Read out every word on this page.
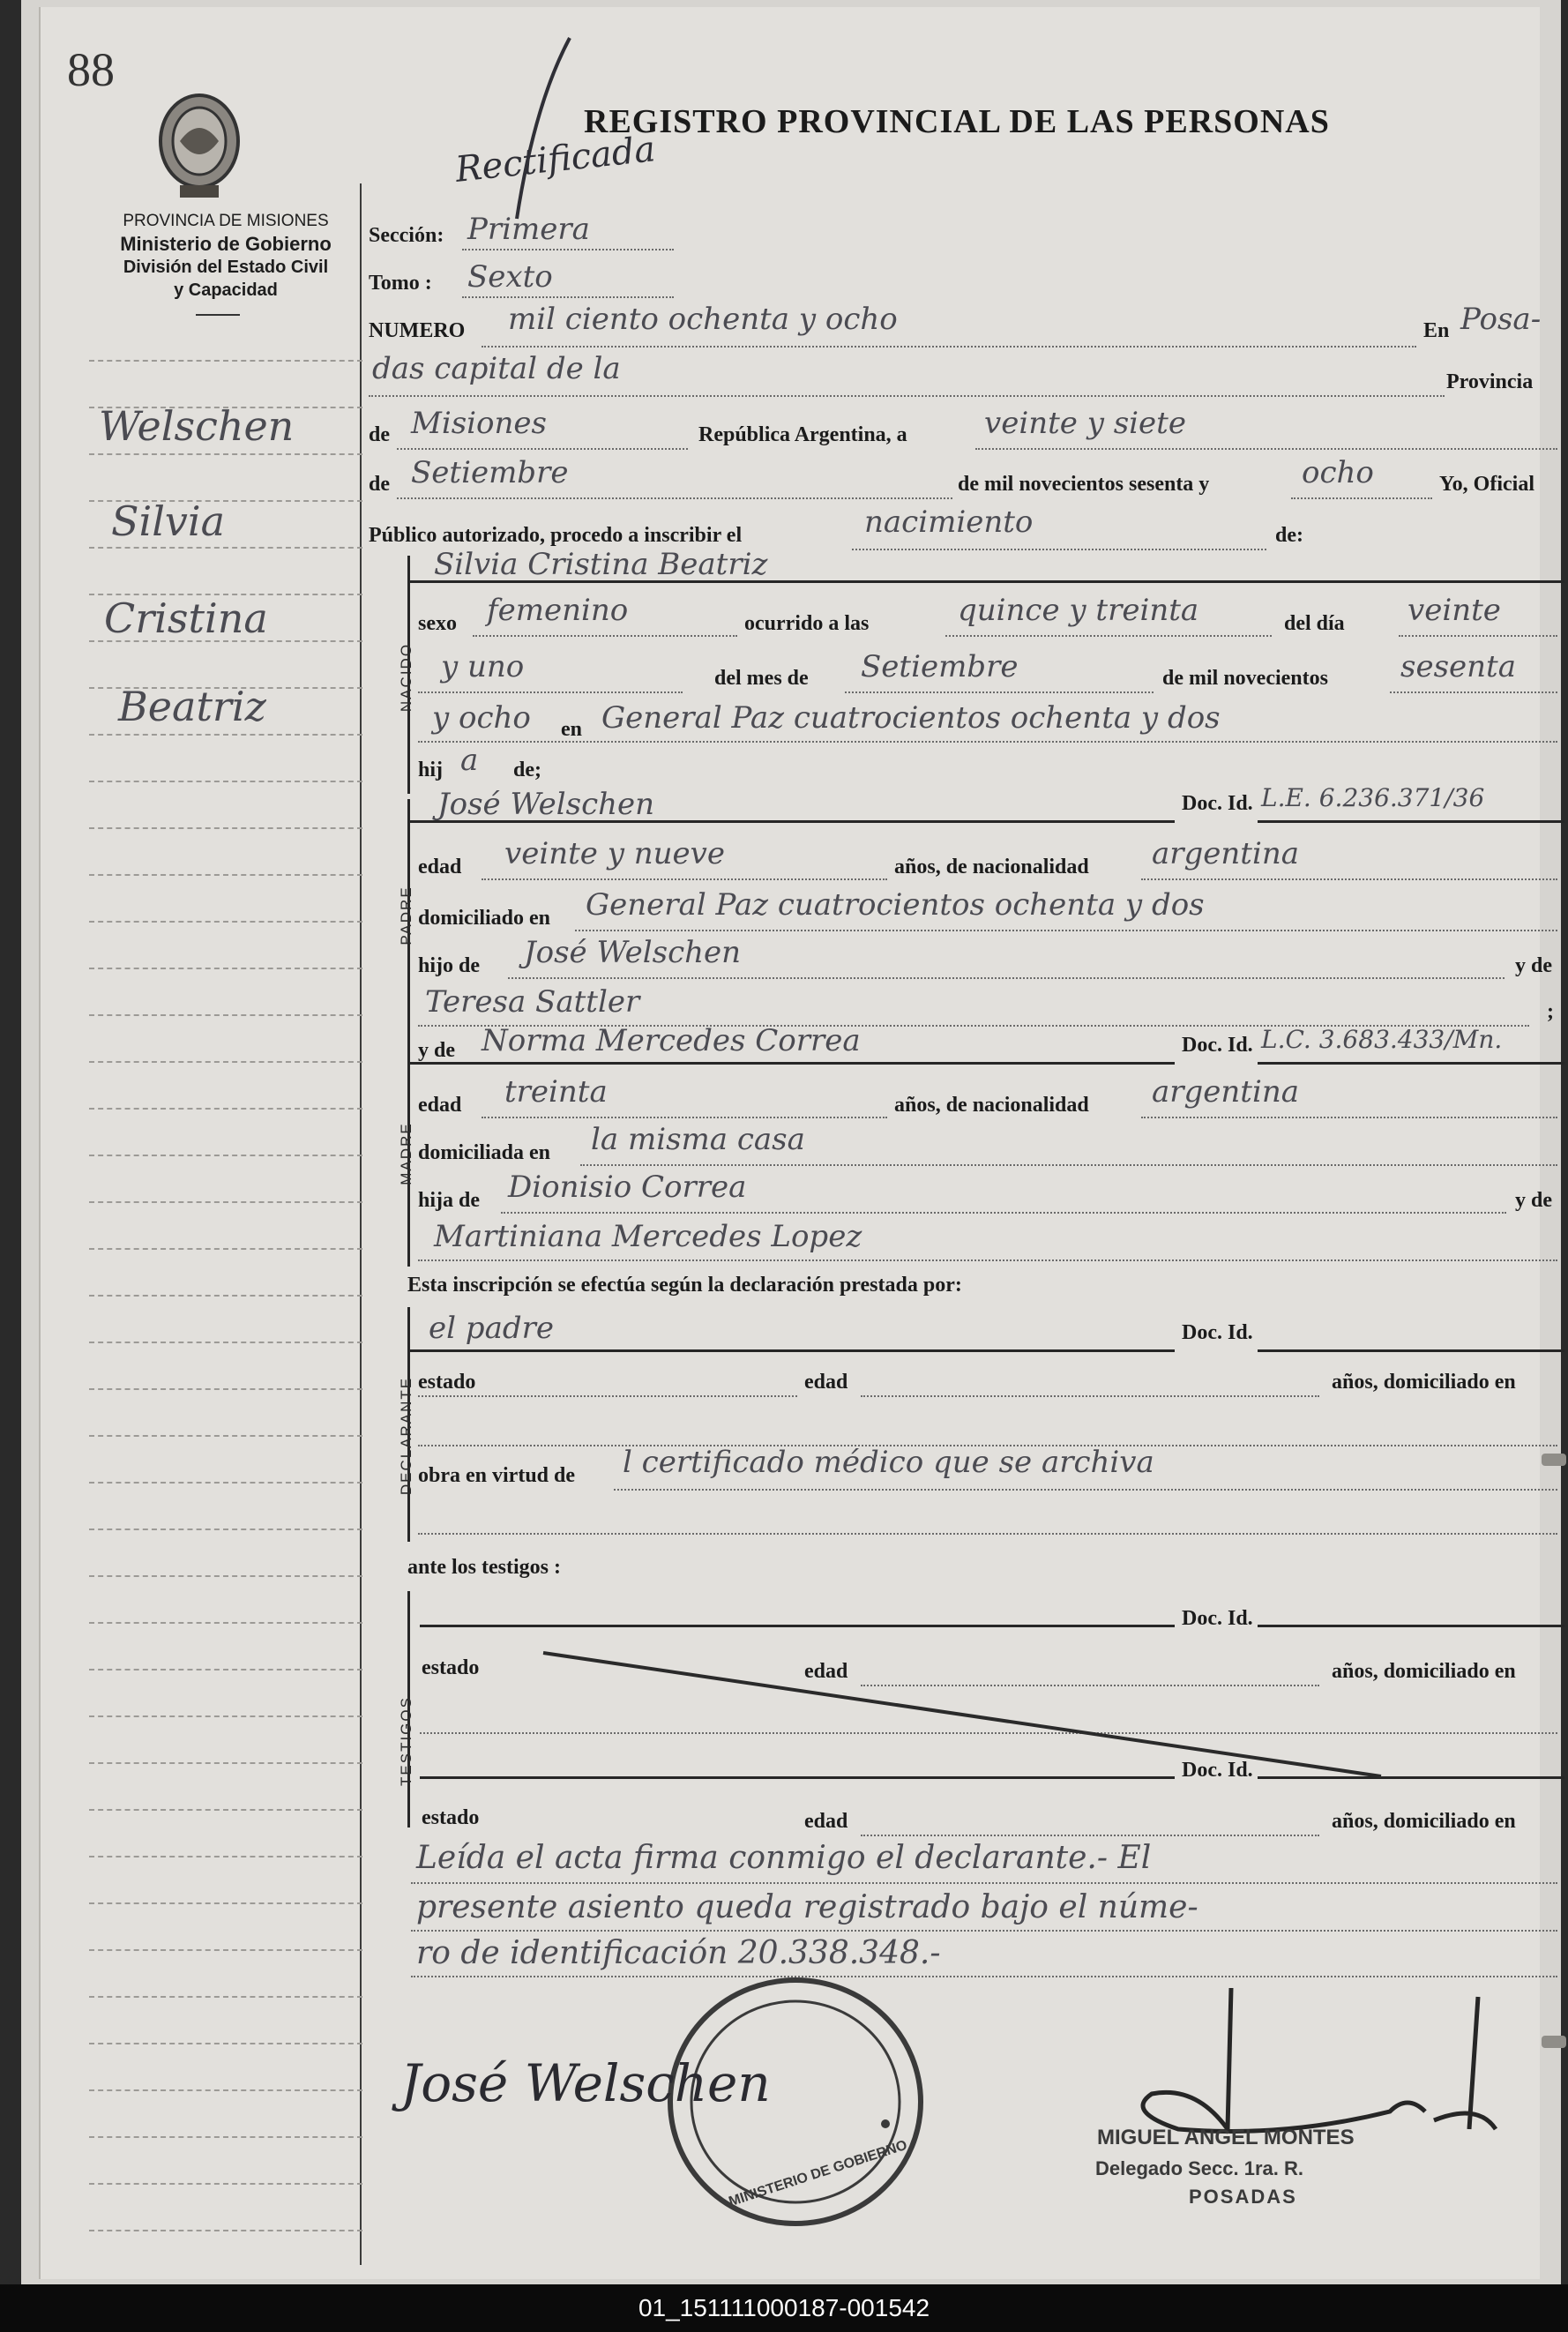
88
PROVINCIA DE MISIONES
Ministerio de Gobierno
División del Estado Civil
y Capacidad
REGISTRO PROVINCIAL DE LAS PERSONAS
Rectificada
Welschen
Silvia
Cristina
Beatriz
Sección: Primera
Tomo : Sexto
NUMERO mil ciento ochenta y ocho	En Posa-
das capital de la	Provincia
de Misiones	República Argentina, a	veinte y siete
de Setiembre	de mil novecientos sesenta y	ocho	Yo, Oficial
Público autorizado, procedo a inscribir el	nacimiento	de:
NACIDO
Silvia Cristina Beatriz
sexo femenino	ocurrido a las	quince y treinta	del día veinte
y uno	del mes de Setiembre	de mil novecientos sesenta
y ocho en General Paz cuatrocientos ochenta y dos
hij a de;
PADRE
José Welschen	Doc. Id. L.E. 6.236.371/36
edad veinte y nueve	años, de nacionalidad argentina
domiciliado en General Paz cuatrocientos ochenta y dos
hijo de José Welschen	y de
Teresa Sattler	;
MADRE
y de Norma Mercedes Correa	Doc. Id. L.C. 3.683.433/Mn.
edad treinta	años, de nacionalidad argentina
domiciliada en la misma casa
hija de Dionisio Correa	y de
Martiniana Mercedes Lopez
Esta inscripción se efectúa según la declaración prestada por:
DECLARANTE
el padre	Doc. Id.
estado	edad	años, domiciliado en
obra en virtud de l certificado médico que se archiva
ante los testigos :
TESTIGOS
Doc. Id.
estado	edad	años, domiciliado en
Doc. Id.
estado	edad	años, domiciliado en
Leída el acta firma conmigo el declarante.- El
presente asiento queda registrado bajo el núme-
ro de identificación 20.338.348.-
MINISTERIO DE GOBIERNO
José Welschen
MIGUEL ANGEL MONTES
Delegado Secc. 1ra. R.
POSADAS
01_151111000187-001542
